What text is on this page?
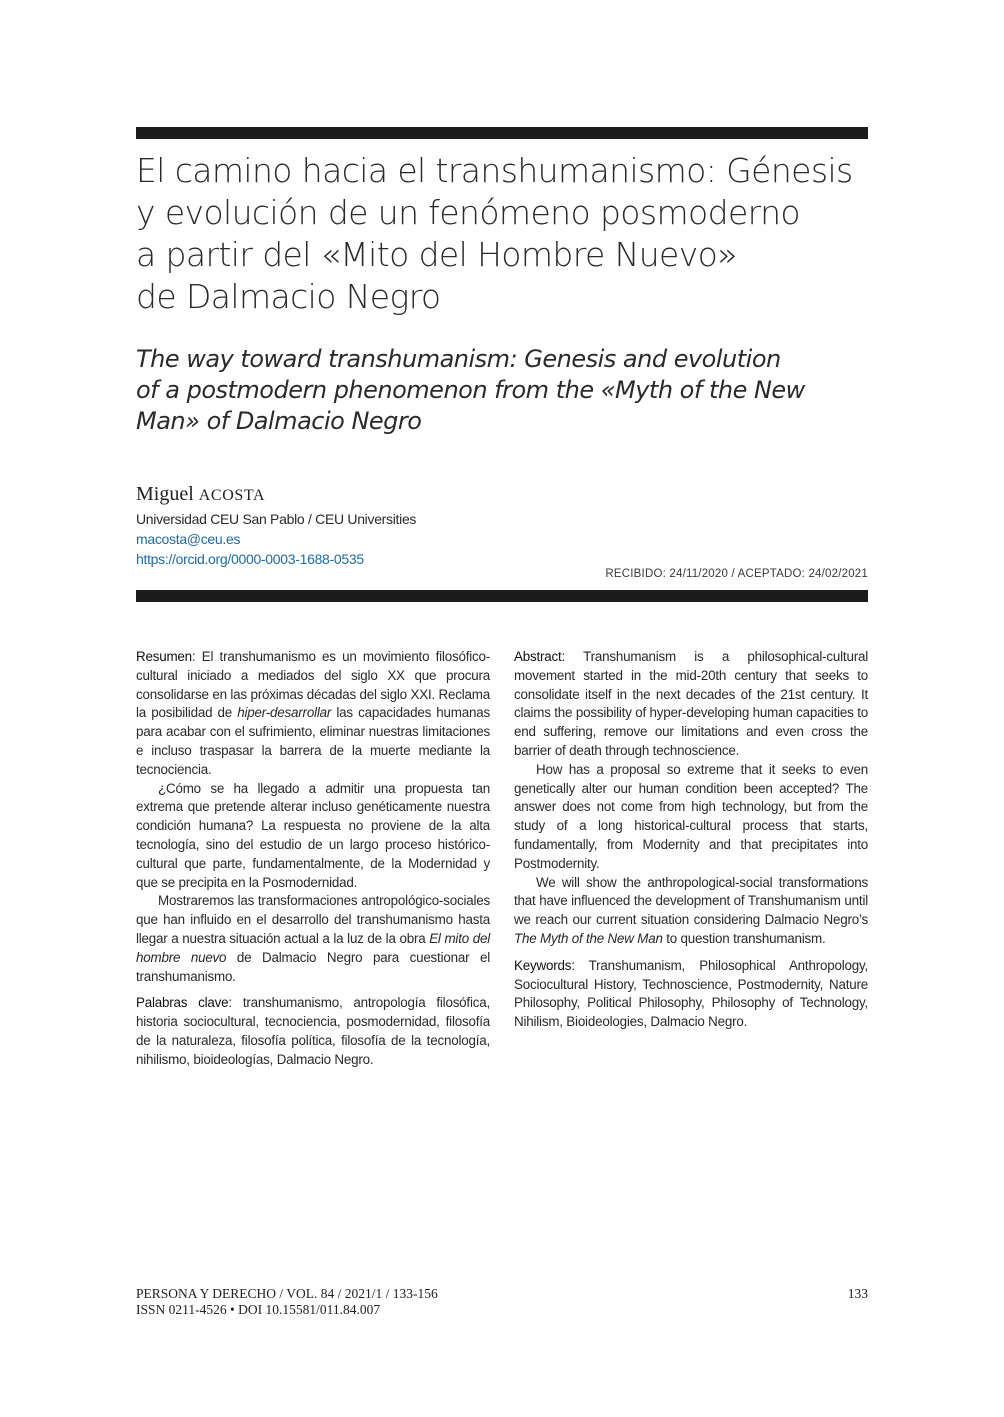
El camino hacia el transhumanismo: Génesis
y evolución de un fenómeno posmoderno
a partir del «Mito del Hombre Nuevo»
de Dalmacio Negro
The way toward transhumanism: Genesis and evolution
of a postmodern phenomenon from the «Myth of the New
Man» of Dalmacio Negro
Miguel ACOSTA
Universidad CEU San Pablo / CEU Universities
macosta@ceu.es
https://orcid.org/0000-0003-1688-0535
RECIBIDO: 24/11/2020 / ACEPTADO: 24/02/2021

Resumen: El transhumanismo es un movimiento filosófico-cultural iniciado a mediados del siglo XX que procura consolidarse en las próximas décadas del siglo XXI. Reclama la posibilidad de hiper-desarrollar las capacidades humanas para acabar con el sufrimiento, eliminar nuestras limitaciones e incluso traspasar la barrera de la muerte mediante la tecnociencia.

¿Cómo se ha llegado a admitir una propuesta tan extrema que pretende alterar incluso genéticamente nuestra condición humana? La respuesta no proviene de la alta tecnología, sino del estudio de un largo proceso histórico-cultural que parte, fundamentalmente, de la Modernidad y que se precipita en la Posmodernidad.

Mostraremos las transformaciones antropológico-sociales que han influido en el desarrollo del transhumanismo hasta llegar a nuestra situación actual a la luz de la obra El mito del hombre nuevo de Dalmacio Negro para cuestionar el transhumanismo.

Palabras clave: transhumanismo, antropología filosófica, historia sociocultural, tecnociencia, posmodernidad, filosofía de la naturaleza, filosofía política, filosofía de la tecnología, nihilismo, bioideologías, Dalmacio Negro.

Abstract: Transhumanism is a philosophical-cultural movement started in the mid-20th century that seeks to consolidate itself in the next decades of the 21st century. It claims the possibility of hyper-developing human capacities to end suffering, remove our limitations and even cross the barrier of death through technoscience.

How has a proposal so extreme that it seeks to even genetically alter our human condition been accepted? The answer does not come from high technology, but from the study of a long historical-cultural process that starts, fundamentally, from Modernity and that precipitates into Postmodernity.

We will show the anthropological-social transformations that have influenced the development of Transhumanism until we reach our current situation considering Dalmacio Negro’s The Myth of the New Man to question transhumanism.

Keywords: Transhumanism, Philosophical Anthropology, Sociocultural History, Technoscience, Postmodernity, Nature Philosophy, Political Philosophy, Philosophy of Technology, Nihilism, Bioideologies, Dalmacio Negro.

PERSONA Y DERECHO / VOL. 84 / 2021/1 / 133-156
ISSN 0211-4526 • DOI 10.15581/011.84.007
133
